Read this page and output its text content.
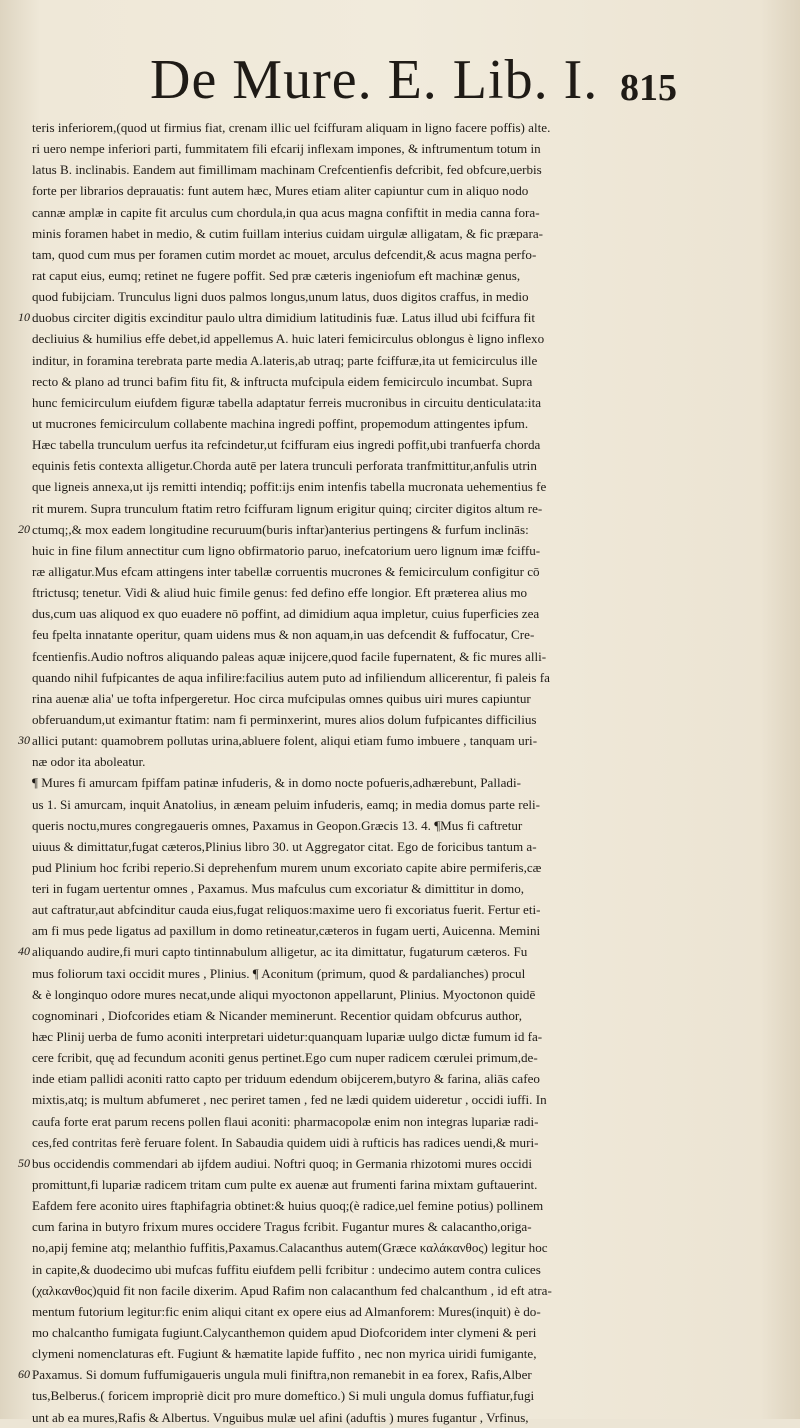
De Mure. E. Lib. I. 815
teris inferiorem,(quod ut firmius fiat, crenam illic uel fciffuram aliquam in ligno facere poffis) alte.
ri uero nempe inferiori parti, fummitatem fili efcarij inflexam impones, & inftrumentum totum in
latus B. inclinabis. Eandem aut fimillimam machinam Crefcentienfis defcribit, fed obfcure,uerbis
forte per librarios deprauatis: funt autem hæc, Mures etiam aliter capiuntur cum in aliquo nodo
cannæ amplæ in capite fit arculus cum chordula,in qua acus magna confiftit in media canna fora-
minis foramen habet in medio, & cutim fuillam interius cuidam uirgulæ alligatam, & fic præpara-
tam, quod cum mus per foramen cutim mordet ac mouet, arculus defcendit,& acus magna perfo-
rat caput eius, eumq; retinet ne fugere poffit. Sed præ cæteris ingeniofum eft machinæ genus,
quod fubijciam. Trunculus ligni duos palmos longus,unum latus, duos digitos craffus, in medio
10 duobus circiter digitis excinditur paulo ultra dimidium latitudinis fuæ. Latus illud ubi fciffura fit
decliuius & humilius effe debet,id appellemus A. huic lateri femicirculus oblongus è ligno inflexo
inditur, in foramina terebrata parte media A.lateris,ab utraq; parte fciffuræ,ita ut femicirculus ille
recto & plano ad trunci bafim fitu fit, & inftructa mufcipula eidem femicirculo incumbat. Supra
hunc femicirculum eiufdem figuræ tabella adaptatur ferreis mucronibus in circuitu denticulata:ita
ut mucrones femicirculum collabente machina ingredi poffint, propemodum attingentes ipfum.
Hæc tabella trunculum uerfus ita refcindetur,ut fciffuram eius ingredi poffit,ubi tranfuerfa chorda
equinis fetis contexta alligetur.Chorda autē per latera trunculi perforata tranfmittitur,anfulis utrin
que ligneis annexa,ut ijs remitti intendiq; poffit:ijs enim intenfis tabella mucronata uehementius fe
rit murem. Supra trunculum ftatim retro fciffuram lignum erigitur quinq; circiter digitos altum re-
20 ctumq;,& mox eadem longitudine recuruum(buris inftar)anterius pertingens & furfum inclinās:
huic in fine filum annectitur cum ligno obfirmatorio paruo, inefcatorium uero lignum imæ fciffu-
ræ alligatur.Mus efcam attingens inter tabellæ corruentis mucrones & femicirculum configitur cō
ftrictusq; tenetur. Vidi & aliud huic fimile genus: fed defino effe longior. Eft præterea alius mo
dus,cum uas aliquod ex quo euadere nō poffint, ad dimidium aqua impletur, cuius fuperficies zea
feu fpelta innatante operitur, quam uidens mus & non aquam,in uas defcendit & fuffocatur, Cre-
fcentienfis.Audio noftros aliquando paleas aquæ inijcere,quod facile fupernatent, & fic mures alli-
quando nihil fufpicantes de aqua infilire:facilius autem puto ad infiliendum allicerentur, fi paleis fa
rina auenæ alia' ue tofta infpergeretur. Hoc circa mufcipulas omnes quibus uiri mures capiuntur
obferuandum,ut eximantur ftatim: nam fi perminxerint, mures alios dolum fufpicantes difficilius
30 allici putant: quamobrem pollutas urina,abluere folent, aliqui etiam fumo imbuere , tanquam uri-
næ odor ita aboleatur.
¶ Mures fi amurcam fpiffam patinæ infuderis, & in domo nocte pofueris,adhærebunt, Palladi-
us 1. Si amurcam, inquit Anatolius, in æneam peluim infuderis, eamq; in media domus parte reli-
queris noctu,mures congregaueris omnes, Paxamus in Geopon.Græcis 13. 4. ¶Mus fi caftretur
uiuus & dimittatur,fugat cæteros,Plinius libro 30. ut Aggregator citat. Ego de foricibus tantum a-
pud Plinium hoc fcribi reperio.Si deprehenfum murem unum excoriato capite abire permiferis,cæ
teri in fugam uertentur omnes , Paxamus. Mus mafculus cum excoriatur & dimittitur in domo,
aut caftratur,aut abfcinditur cauda eius,fugat reliquos:maxime uero fi excoriatus fuerit. Fertur eti-
am fi mus pede ligatus ad paxillum in domo retineatur,cæteros in fugam uerti, Auicenna. Memini
40 aliquando audire,fi muri capto tintinnabulum alligetur, ac ita dimittatur, fugaturum cæteros. Fu
mus foliorum taxi occidit mures , Plinius. ¶ Aconitum (primum, quod & pardalianches) procul
& è longinquo odore mures necat,unde aliqui myoctonon appellarunt, Plinius. Myoctonon quidē
cognominari , Diofcorides etiam & Nicander meminerunt. Recentior quidam obfcurus author,
hæc Plinij uerba de fumo aconiti interpretari uidetur:quanquam lupariæ uulgo dictæ fumum id fa-
cere fcribit, quę ad fecundum aconiti genus pertinet.Ego cum nuper radicem cœrulei primum,de-
inde etiam pallidi aconiti ratto capto per triduum edendum obijcerem,butyro & farina, aliās cafeo
mixtis,atq; is multum abfumeret , nec periret tamen , fed ne lædi quidem uideretur , occidi iuffi. In
caufa forte erat parum recens pollen flaui aconiti: pharmacopolæ enim non integras lupariæ radi-
ces,fed contritas ferè feruare folent. In Sabaudia quidem uidi à rufticis has radices uendi,& muri-
50 bus occidendis commendari ab ijfdem audiui. Noftri quoq; in Germania rhizotomi mures occidi
promittunt,fi lupariæ radicem tritam cum pulte ex auenæ aut frumenti farina mixtam guftauerint.
Eafdem fere aconito uires ftaphifagria obtinet:& huius quoq;(è radice,uel femine potius) pollinem
cum farina in butyro frixum mures occidere Tragus fcribit. Fugantur mures & calacantho,origa-
no,apij femine atq; melanthio fuffitis,Paxamus.Calacanthus autem(Græce καλάκανθος) legitur hoc
in capite,& duodecimo ubi mufcas fuffitu eiufdem pelli fcribitur : undecimo autem contra culices
(χαλκανθος)quid fit non facile dixerim. Apud Rafim non calacanthum fed chalcanthum , id eft atra-
mentum futorium legitur:fic enim aliqui citant ex opere eius ad Almanforem: Mures(inquit) è do-
mo chalcantho fumigata fugiunt.Calycanthemon quidem apud Diofcoridem inter clymeni & peri
clymeni nomenclaturas eft. Fugiunt & hæmatite lapide fuffito , nec non myrica uiridi fumigante,
60 Paxamus. Si domum fuffumigaueris ungula muli finiftra,non remanebit in ea forex, Rafis,Alber
tus,Belberus.( foricem impropriè dicit pro mure domeftico.) Si muli ungula domus fuffiatur,fugi
unt ab ea mures,Rafis & Albertus. Vnguibus mulæ uel afini (aduftis ) mures fugantur , Vrfinus,
